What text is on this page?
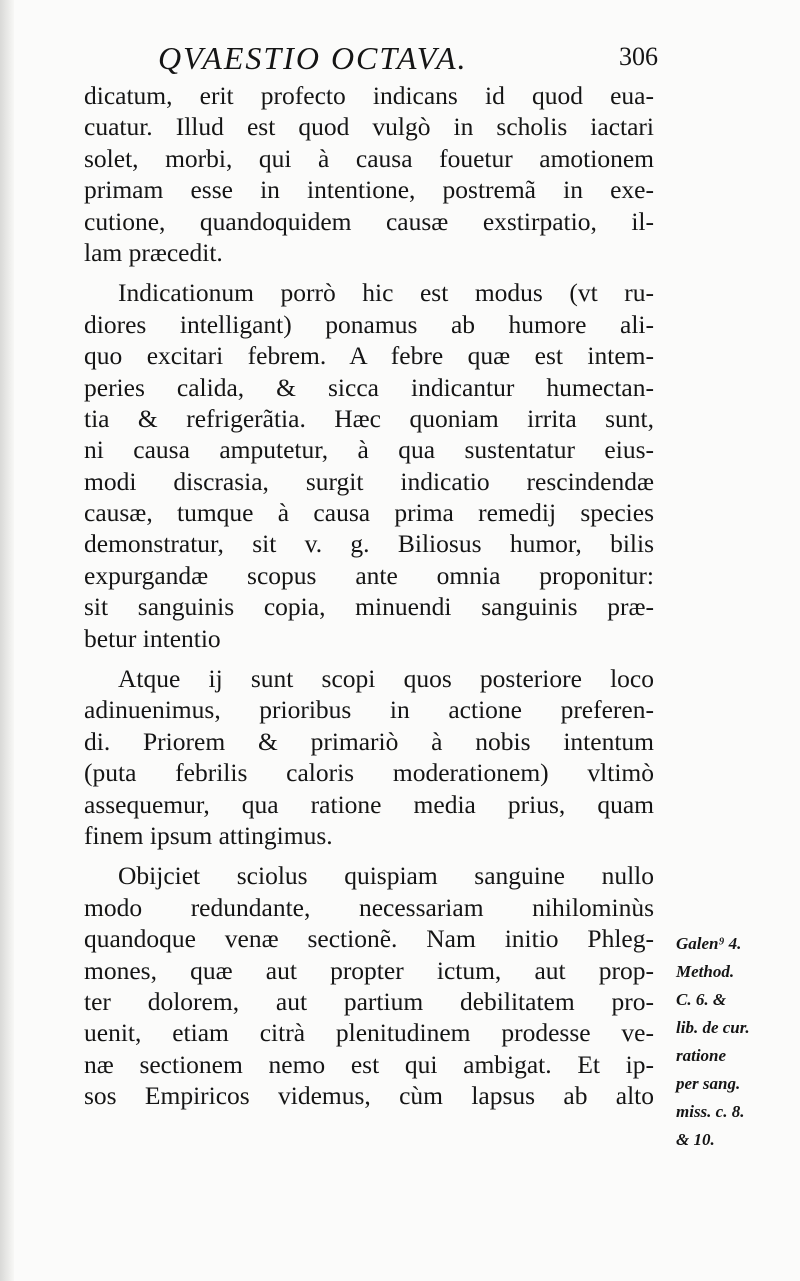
QVAESTIO OCTAVA.	306
dicatum, erit profecto indicans id quod eua-
cuatur. Illud est quod vulgò in scholis iactari
solet, morbi, qui à causa fouetur amotionem
primam esse in intentione, postremã in exe-
cutione, quandoquidem causæ exstirpatio, il-
lam præcedit.
Indicationum porrò hic est modus (vt ru-
diores intelligant) ponamus ab humore ali-
quo excitari febrem. A febre quæ est intem-
peries calida, & sicca indicantur humectan-
tia & refrigerãtia. Hæc quoniam irrita sunt,
ni causa amputetur, à qua sustentatur eius-
modi discrasia, surgit indicatio rescindendæ
causæ, tumque à causa prima remedij species
demonstratur, sit v. g. Biliosus humor, bilis
expurgandæ scopus ante omnia proponitur:
sit sanguinis copia, minuendi sanguinis præ-
betur intentio
Atque ij sunt scopi quos posteriore loco
adinuenimus, prioribus in actione preferen-
di. Priorem & primariò à nobis intentum
(puta febrilis caloris moderationem) vltimò
assequemur, qua ratione media prius, quam
finem ipsum attingimus.
Obijciet sciolus quispiam sanguine nullo
modo redundante, necessariam nihilominùs
quandoque venæ sectionẽ. Nam initio Phleg-
mones, quæ aut propter ictum, aut prop-
ter dolorem, aut partium debilitatem pro-
uenit, etiam citrà plenitudinem prodesse ve-
næ sectionem nemo est qui ambigat. Et ip-
sos Empiricos videmus, cùm lapsus ab alto
Galen⁹ 4.
Method.
C. 6. &
lib. de cur.
ratione
per sang.
miss. c. 8.
& 10.
